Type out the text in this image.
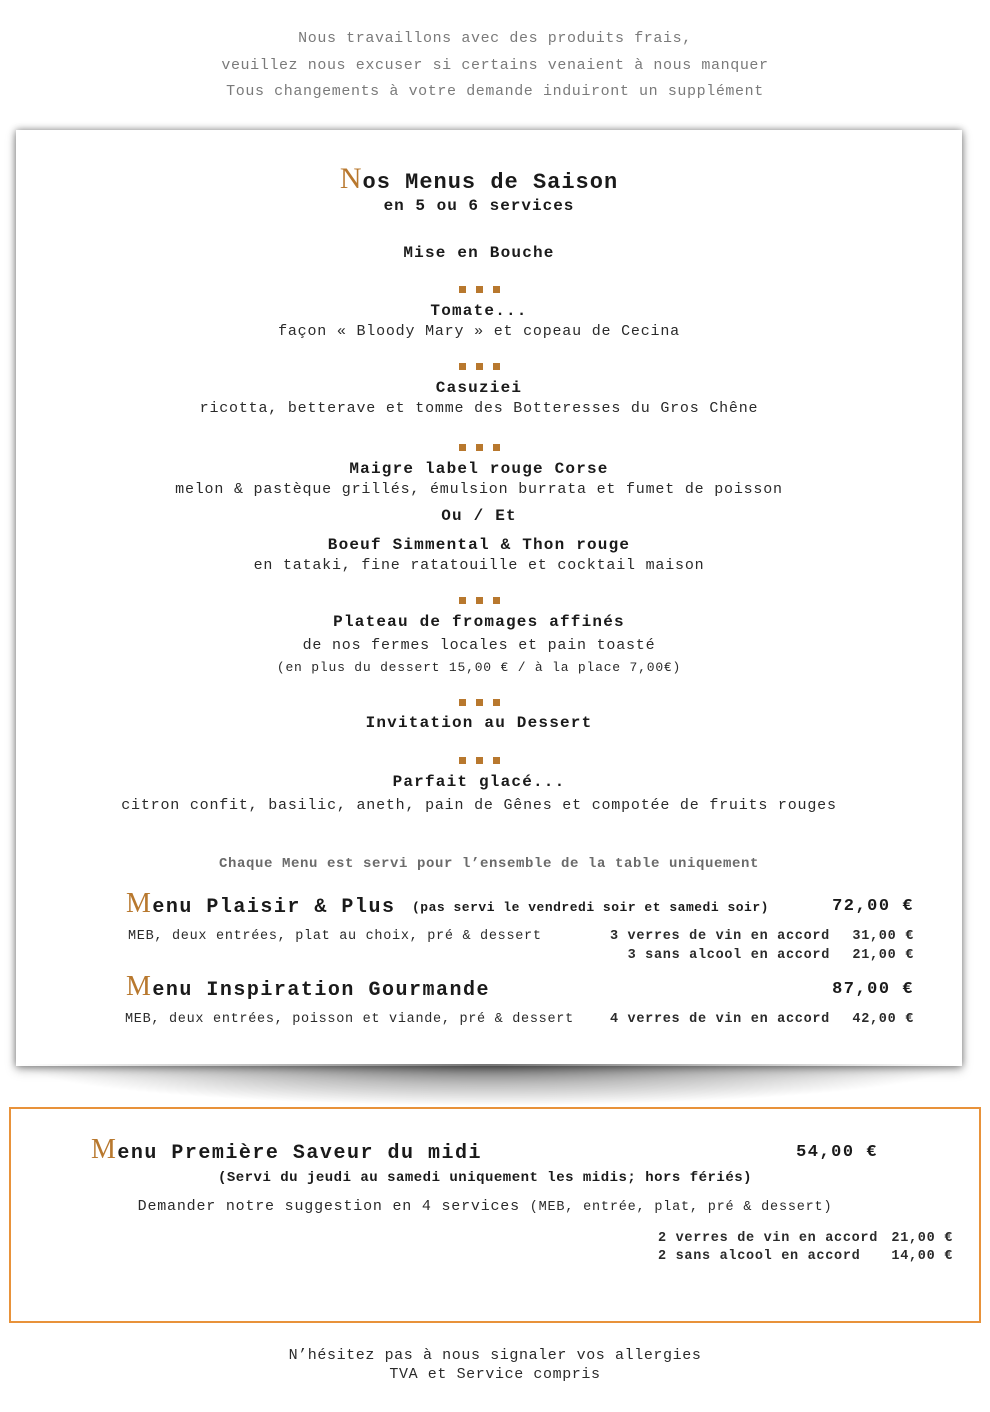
Nous travaillons avec des produits frais,
veuillez nous excuser si certains venaient à nous manquer
Tous changements à votre demande induiront un supplément
Nos Menus de Saison
en 5 ou 6 services
Mise en Bouche
Tomate...
façon « Bloody Mary » et copeau de Cecina
Casuziei
ricotta, betterave et tomme des Botteresses du Gros Chêne
Maigre label rouge Corse
melon & pastèque grillés, émulsion burrata et fumet de poisson
Ou / Et
Boeuf Simmental & Thon rouge
en tataki, fine ratatouille et cocktail maison
Plateau de fromages affinés
de nos fermes locales et pain toasté
(en plus du dessert 15,00 € / à la place 7,00€)
Invitation au Dessert
Parfait glacé...
citron confit, basilic, aneth, pain de Gênes et compotée de fruits rouges
Chaque Menu est servi pour l’ensemble de la table uniquement
Menu Plaisir & Plus (pas servi le vendredi soir et samedi soir)	72,00 €
MEB, deux entrées, plat au choix, pré & dessert	3 verres de vin en accord 31,00 €
3 sans alcool en accord 21,00 €
Menu Inspiration Gourmande	87,00 €
MEB, deux entrées, poisson et viande, pré & dessert	4 verres de vin en accord 42,00 €
Menu Première Saveur du midi	54,00 €
(Servi du jeudi au samedi uniquement les midis; hors fériés)
Demander notre suggestion en 4 services (MEB, entrée, plat, pré & dessert)
2 verres de vin en accord 21,00 €
2 sans alcool en accord 14,00 €
N’hésitez pas à nous signaler vos allergies
TVA et Service compris
